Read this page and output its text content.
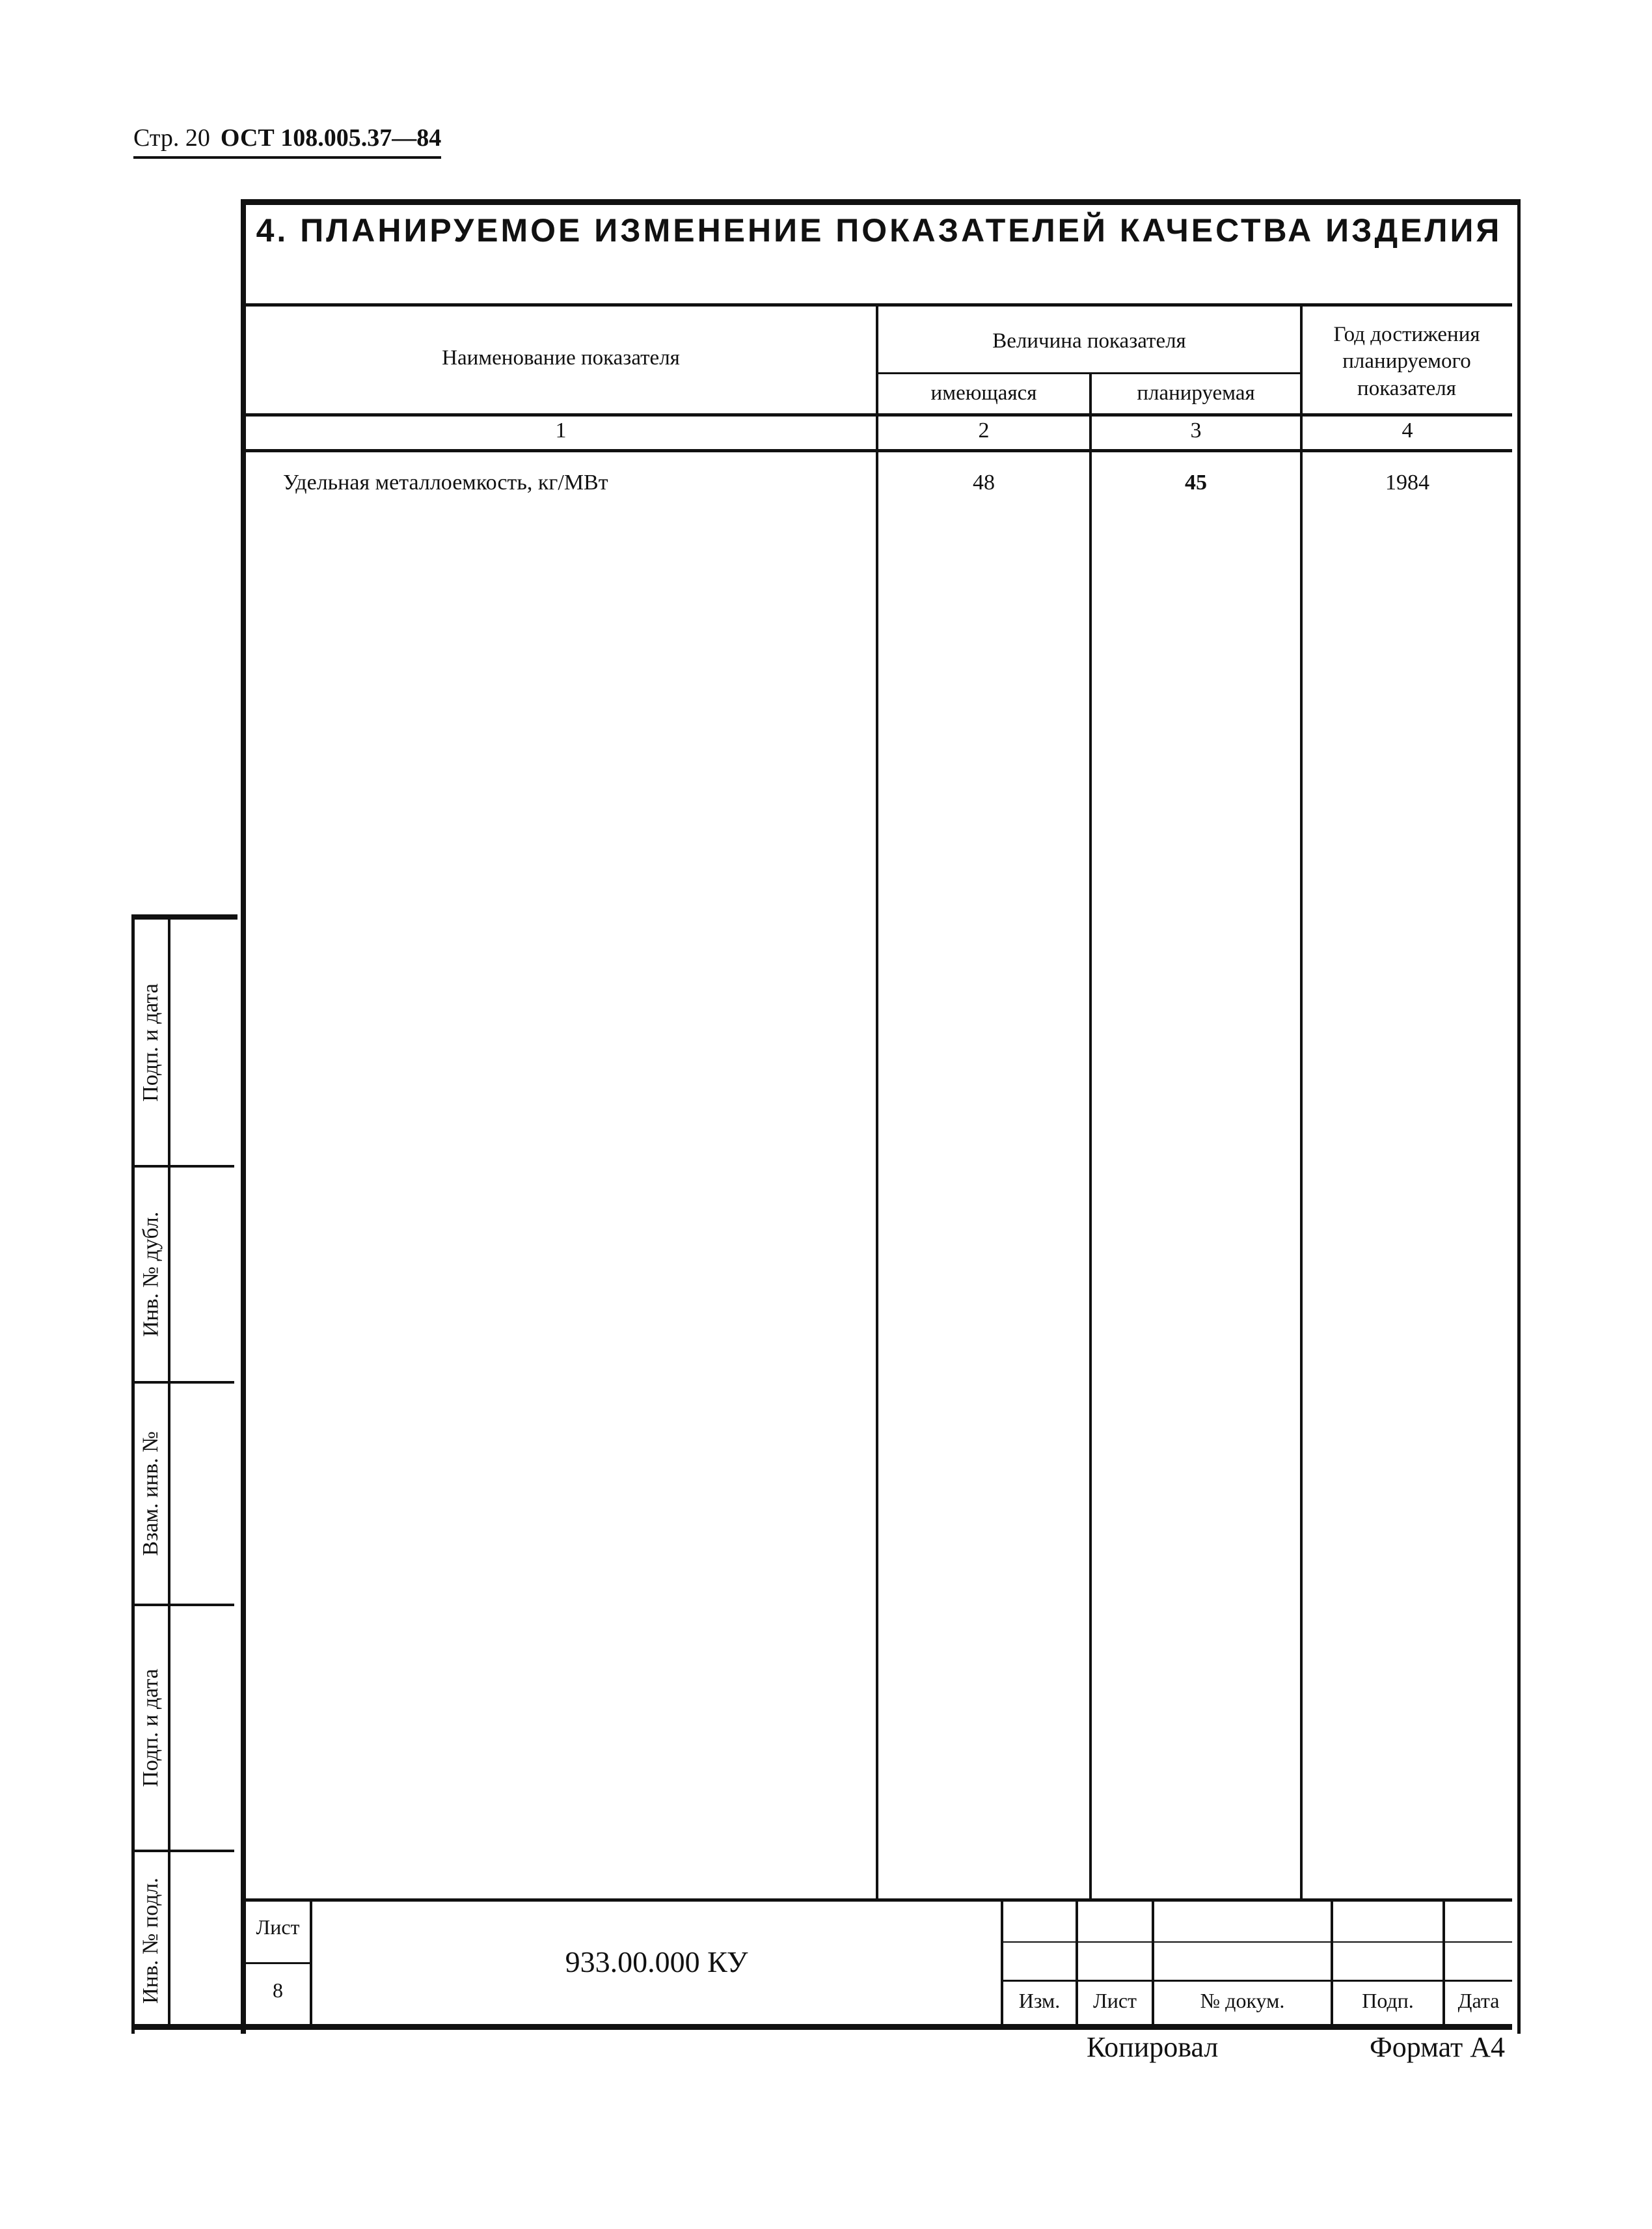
Стр. 20 ОСТ 108.005.37—84
4. ПЛАНИРУЕМОЕ ИЗМЕНЕНИЕ ПОКАЗАТЕЛЕЙ КАЧЕСТВА ИЗДЕЛИЯ
Наименование показателя
Величина показателя
имеющаяся	планируемая
Год достижения планируемого показателя
1	2	3	4
Удельная металлоемкость, кг/МВт	48	45	1984
Подп. и дата
Инв. № дубл.
Взам. инв. №
Подп. и дата
Инв. № подл.	Лист
8
933.00.000 КУ
Изм.	Лист	№ докум.	Подп.	Дата
Копировал	Формат А4
